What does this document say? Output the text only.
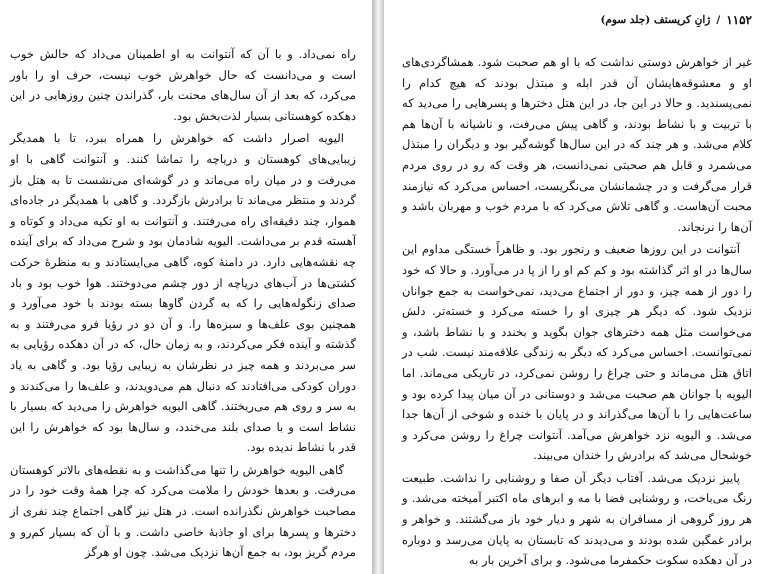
راه نمی‌داد. و با آن که آنتوانت به او اطمینان می‌داد که حالش خوب است و می‌دانست که حال خواهرش خوب نیست، حرف او را باور می‌کرد، که بعد از آن سال‌های محنت بار، گذراندن چنین روزهایی در این دهکده کوهستانی بسیار لذت‌بخش بود.

الیویه اصرار داشت که خواهرش را همراه ببرد، تا با همدیگر زیبایی‌های کوهستان و دریاچه را تماشا کنند. و آنتوانت گاهی با او می‌رفت و در میان راه می‌ماند و در گوشه‌ای می‌نشست تا به هتل باز گردند و منتظر می‌ماند تا برادرش بازگردد. و گاهی با همدیگر در جاده‌ای هموار، چند دقیقه‌ای راه می‌رفتند. و آنتوانت به او تکیه می‌داد و کوتاه و آهسته قدم بر می‌داشت. الیویه شادمان بود و شرح می‌داد که برای آینده چه نقشه‌هایی دارد. در دامنهٔ کوه، گاهی می‌ایستادند و به منظرهٔ حرکت کشتی‌ها در آب‌های دریاچه از دور چشم می‌دوختند. هوا خوب بود و باد صدای زنگوله‌هایی را که به گردن گاوها بسته بودند با خود می‌آورد و همچنین بوی علف‌ها و سبزه‌ها را. و آن دو در رؤیا فرو می‌رفتند و به گذشته و آینده فکر می‌کردند، و به زمان حال، که در آن دهکده رؤیایی به سر می‌بردند و همه چیز در نظرشان به زیبایی رؤیا بود. و گاهی به یاد دوران کودکی می‌افتادند که دنبال هم می‌دویدند، و علف‌ها را می‌کندند و به سر و روی هم می‌ریختند. گاهی الیویه خواهرش را می‌دید که بسیار با نشاط است و با صدای بلند می‌خندد، و سال‌ها بود که خواهرش را این قدر با نشاط ندیده بود.

گاهی الیویه خواهرش را تنها می‌گذاشت و به نقطه‌های بالاتر کوهستان می‌رفت. و بعدها خودش را ملامت می‌کرد که چرا همهٔ وقت خود را در مصاحبت خواهرش نگذرانده است. در هتل نیز گاهی اجتماع چند نفری از دخترها و پسرها برای او جاذبهٔ خاصی داشت. و با آن که بسیار کم‌رو و مردم گریز بود، به جمع آن‌ها نزدیک می‌شد. چون او هرگز

۱۱۵۲
/
ژانِ کریستف (جلد سوم)

غیر از خواهرش دوستی نداشت که با او هم صحبت شود. همشاگردی‌های او و معشوقه‌هایشان آن قدر ابله و مبتذل بودند که هیچ کدام را نمی‌پسندید. و حالا در این جا، در این هتل دخترها و پسرهایی را می‌دید که با تربیت و با نشاط بودند، و گاهی پیش می‌رفت، و ناشیانه با آن‌ها هم کلام می‌شد. و هر چند که در این سال‌ها گوشه‌گیر بود و دیگران را مبتذل می‌شمرد و قابل هم صحبتی نمی‌دانست، هر وقت که رو در روی مردم قرار می‌گرفت و در چشمانشان می‌نگریست، احساس می‌کرد که نیازمند محبت آن‌هاست. و گاهی تلاش می‌کرد که با مردم خوب و مهربان باشد و آن‌ها را نرنجاند.

آنتوانت در این روزها ضعیف و رنجور بود. و ظاهراً خستگی مداوم این سال‌ها در او اثر گذاشته بود و کم کم او را از پا در می‌آورد. و حالا که خود را دور از همه چیز، و دور از اجتماع می‌دید، نمی‌خواست به جمع جوانان نزدیک شود. که دیگر هر چیزی او را خسته می‌کرد و خسته‌تر. دلش می‌خواست مثل همه دخترهای جوان بگوید و بخندد و با نشاط باشد، و نمی‌توانست. احساس می‌کرد که دیگر به زندگی علاقه‌مند نیست. شب در اتاق هتل می‌ماند و حتی چراغ را روشن نمی‌کرد، در تاریکی می‌ماند. اما الیویه با جوانان هم صحبت می‌شد و دوستانی در آن میان پیدا کرده بود و ساعت‌هایی را با آن‌ها می‌گذراند و در پایان با خنده و شوخی از آن‌ها جدا می‌شد. و الیویه نزد خواهرش می‌آمد. آنتوانت چراغ را روشن می‌کرد و خوشحال می‌شد که برادرش را خندان می‌بیند.

پاییز نزدیک می‌شد. آفتاب دیگر آن صفا و روشنایی را نداشت. طبیعت رنگ می‌باخت، و روشنایی فضا با مه و ابرهای ماه اکتبر آمیخته می‌شد. و هر روز گروهی از مسافران به شهر و دیار خود باز می‌گشتند. و خواهر و برادر غمگین شده بودند و می‌دیدند که تابستان به پایان می‌رسد و دوباره در آن دهکده سکوت حکمفرما می‌شود. و برای آخرین بار به
